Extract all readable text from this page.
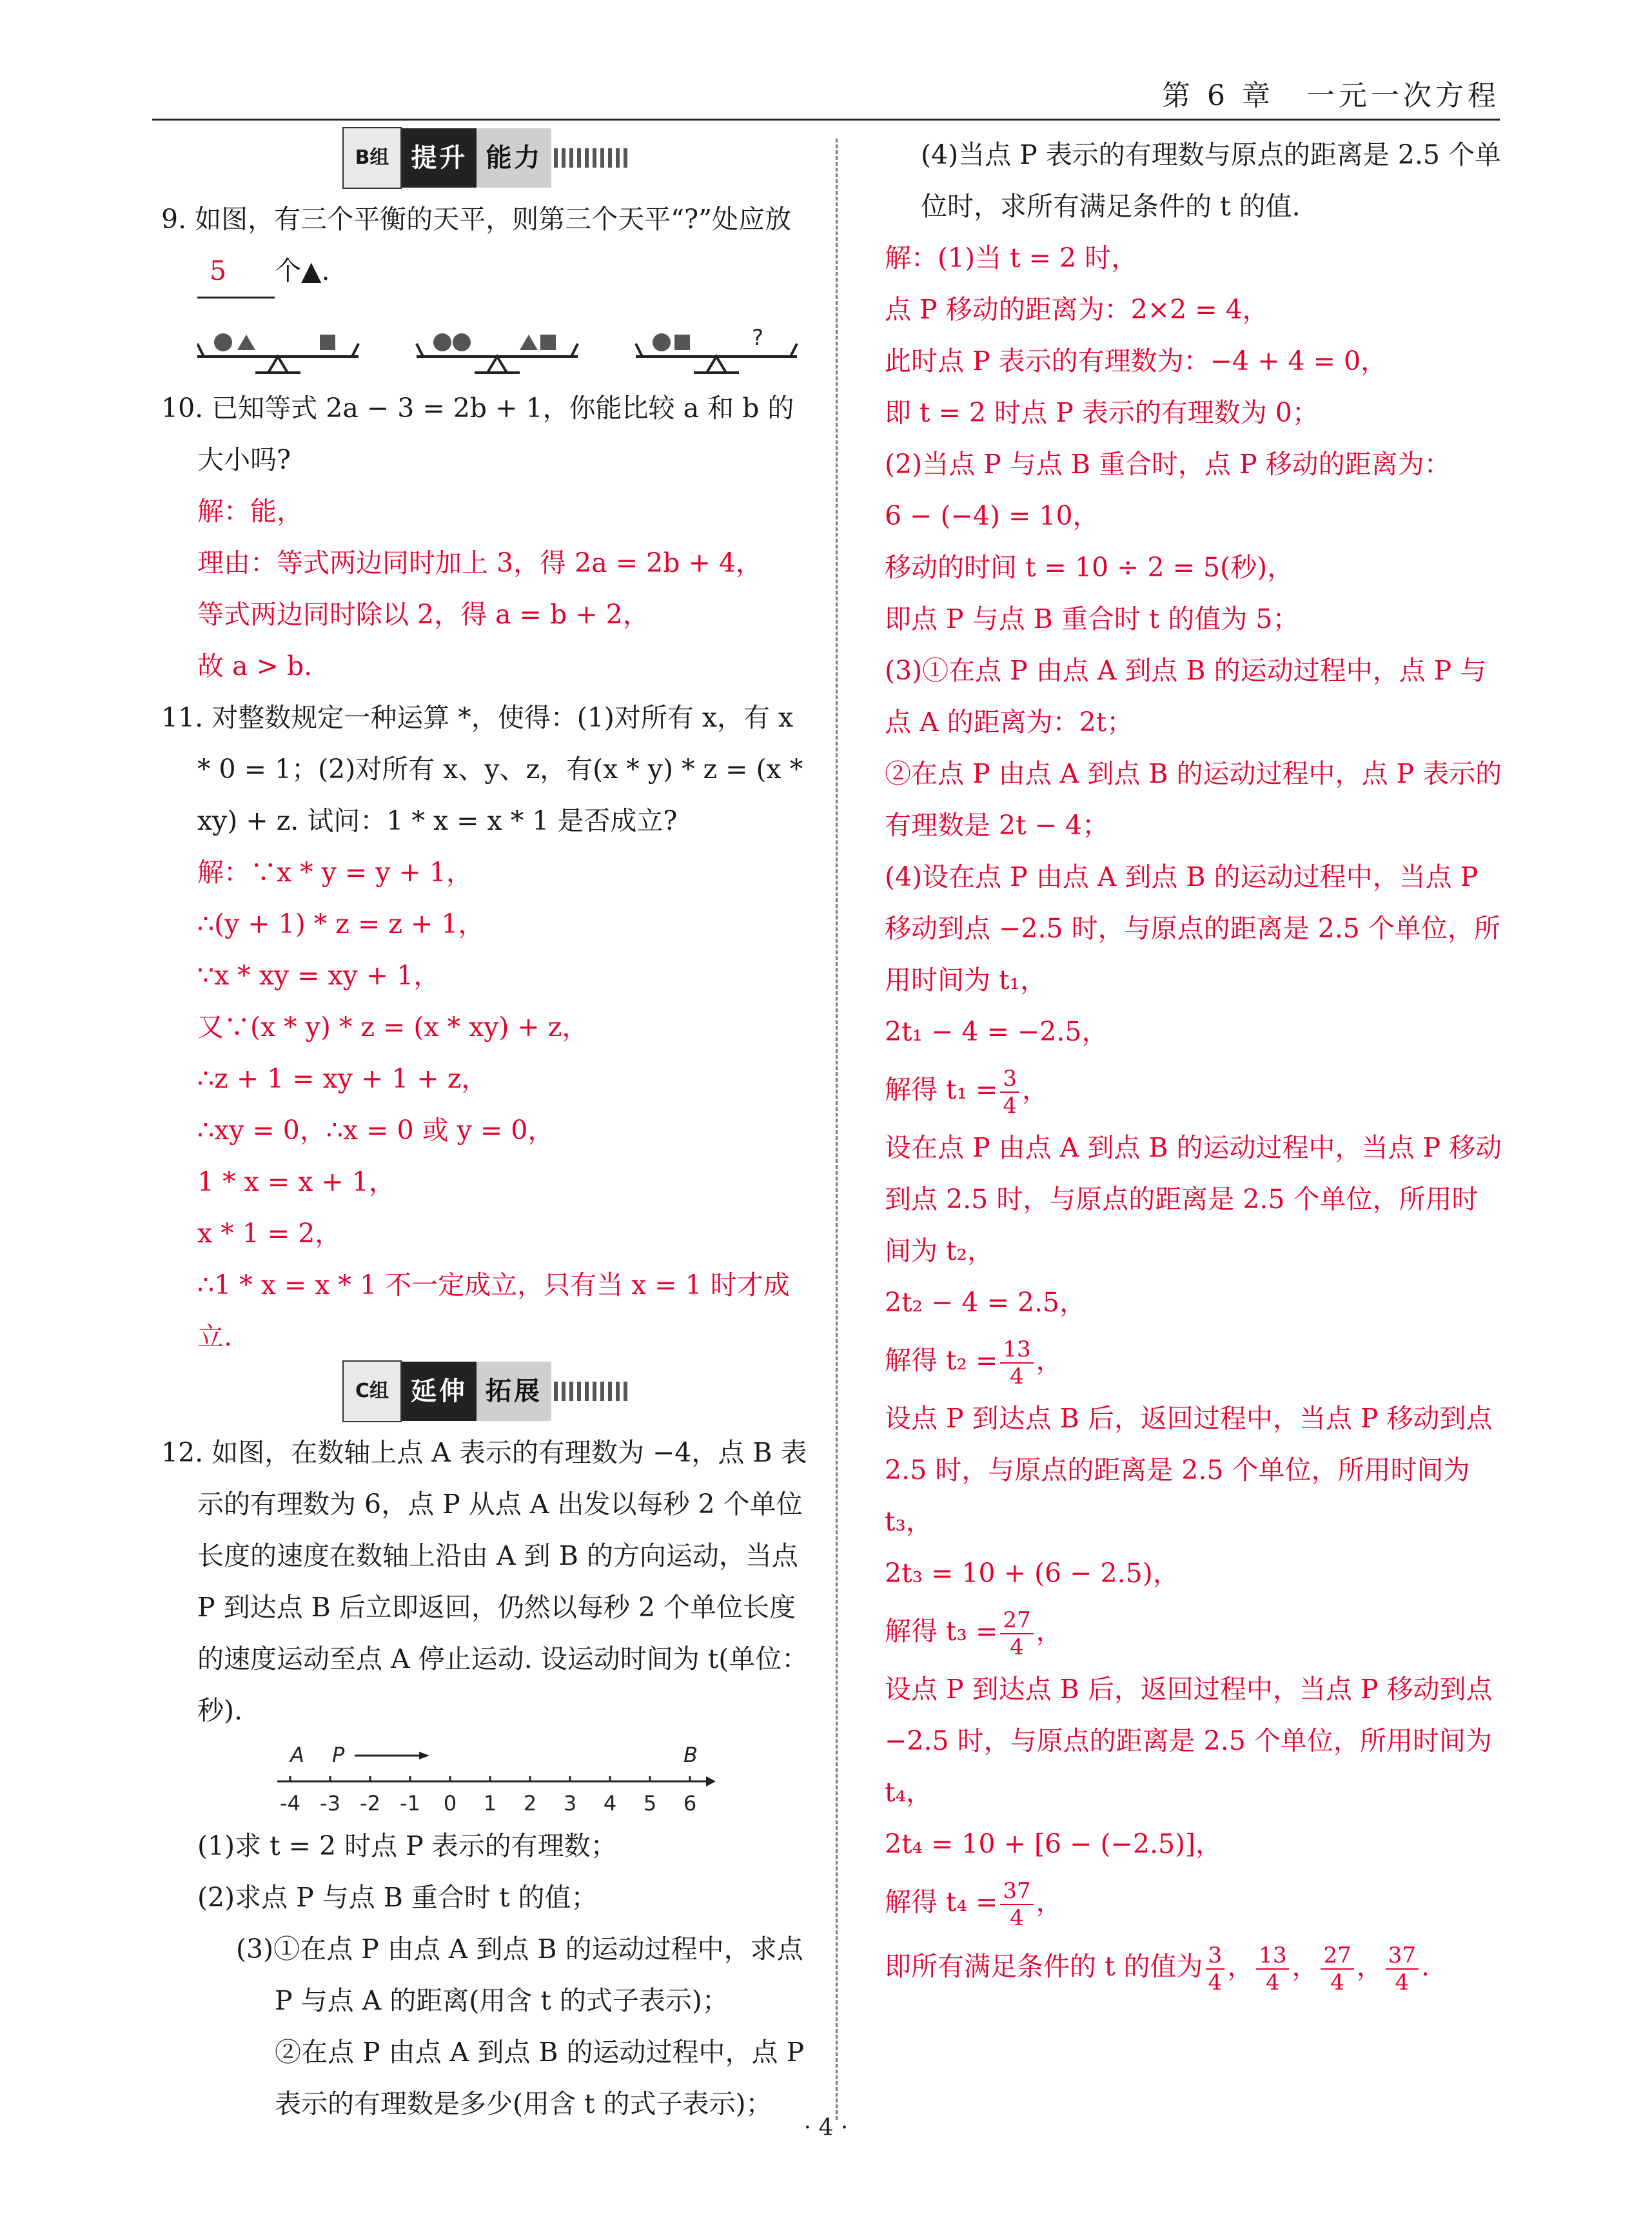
第 6 章　一元一次方程
B组 提升 能力
9. 如图，有三个平衡的天平，则第三个天平“?”处应放
5 个▲.
?
10. 已知等式 2a − 3 = 2b + 1，你能比较 a 和 b 的大小吗?
解：能，
理由：等式两边同时加上 3，得 2a = 2b + 4，
等式两边同时除以 2，得 a = b + 2，
故 a > b.
11. 对整数规定一种运算 *，使得：(1)对所有 x，有 x * 0 = 1；(2)对所有 x、y、z，有(x * y) * z = (x * xy) + z. 试问：1 * x = x * 1 是否成立?
解：∵x * y = y + 1，
∴(y + 1) * z = z + 1，
∵x * xy = xy + 1，
又∵(x * y) * z = (x * xy) + z，
∴z + 1 = xy + 1 + z，
∴xy = 0，∴x = 0 或 y = 0，
1 * x = x + 1，
x * 1 = 2，
∴1 * x = x * 1 不一定成立，只有当 x = 1 时才成立.
C组 延伸 拓展
12. 如图，在数轴上点 A 表示的有理数为 −4，点 B 表示的有理数为 6，点 P 从点 A 出发以每秒 2 个单位长度的速度在数轴上沿由 A 到 B 的方向运动，当点 P 到达点 B 后立即返回，仍然以每秒 2 个单位长度的速度运动至点 A 停止运动. 设运动时间为 t(单位：秒).
A P	B
-4 -3 -2 -1 0 1 2 3 4 5 6
(1)求 t = 2 时点 P 表示的有理数；
(2)求点 P 与点 B 重合时 t 的值；
(3)①在点 P 由点 A 到点 B 的运动过程中，求点 P 与点 A 的距离(用含 t 的式子表示)；
②在点 P 由点 A 到点 B 的运动过程中，点 P 表示的有理数是多少(用含 t 的式子表示)；
(4)当点 P 表示的有理数与原点的距离是 2.5 个单位时，求所有满足条件的 t 的值.
解：(1)当 t = 2 时，
点 P 移动的距离为：2×2 = 4，
此时点 P 表示的有理数为：−4 + 4 = 0，
即 t = 2 时点 P 表示的有理数为 0；
(2)当点 P 与点 B 重合时，点 P 移动的距离为：
6 − (−4) = 10，
移动的时间 t = 10 ÷ 2 = 5(秒)，
即点 P 与点 B 重合时 t 的值为 5；
(3)①在点 P 由点 A 到点 B 的运动过程中，点 P 与点 A 的距离为：2t；
②在点 P 由点 A 到点 B 的运动过程中，点 P 表示的有理数是 2t − 4；
(4)设在点 P 由点 A 到点 B 的运动过程中，当点 P 移动到点 −2.5 时，与原点的距离是 2.5 个单位，所用时间为 t₁，
2t₁ − 4 = −2.5，
解得 $t_1 = \frac{3}{4}$ ，
设在点 P 由点 A 到点 B 的运动过程中，当点 P 移动到点 2.5 时，与原点的距离是 2.5 个单位，所用时间为 t₂，
2t₂ − 4 = 2.5，
解得 $t_2 = \frac{13}{4}$ ，
设点 P 到达点 B 后，返回过程中，当点 P 移动到点 2.5 时，与原点的距离是 2.5 个单位，所用时间为 t₃，
2t₃ = 10 + (6 − 2.5)，
解得 $t_3 = \frac{27}{4}$ ，
设点 P 到达点 B 后，返回过程中，当点 P 移动到点 −2.5 时，与原点的距离是 2.5 个单位，所用时间为 t₄，
2t₄ = 10 + [6 − (−2.5)]，
解得 $t_4 = \frac{37}{4}$ ，
即所有满足条件的 t 的值为 $\frac{3}{4}$ ， $\frac{13}{4}$ ， $\frac{27}{4}$ ， $\frac{37}{4}$ .
· 4 ·
